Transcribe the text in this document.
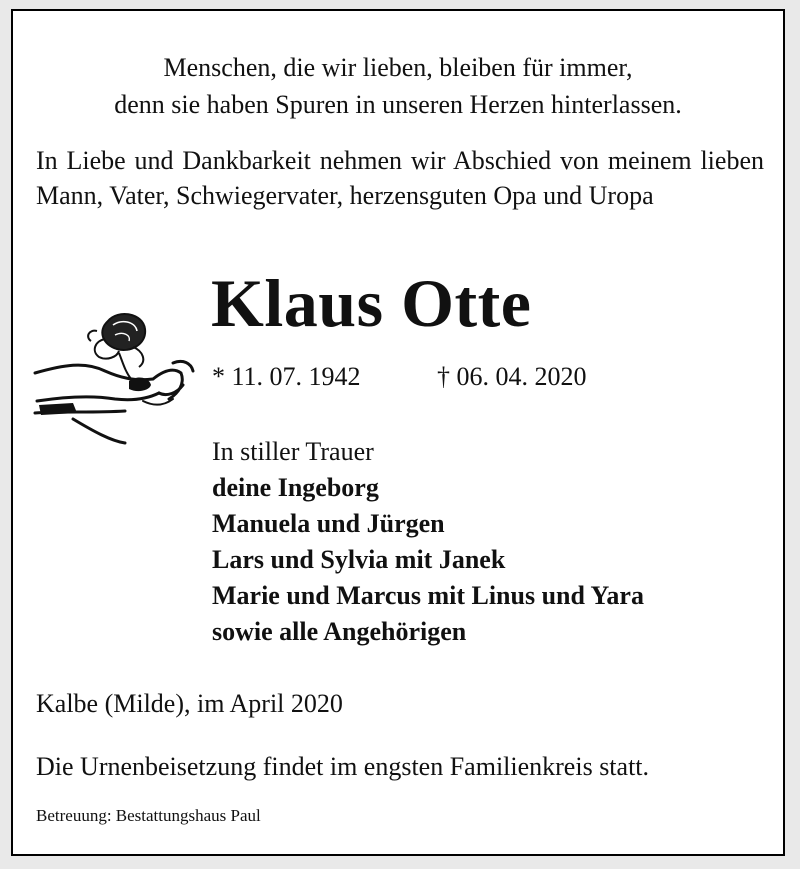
Menschen, die wir lieben, bleiben für immer,
denn sie haben Spuren in unseren Herzen hinterlassen.
In Liebe und Dankbarkeit nehmen wir Abschied von meinem lieben Mann, Vater, Schwiegervater, herzensguten Opa und Uropa
Klaus Otte
* 11. 07. 1942	† 06. 04. 2020
In stiller Trauer
deine Ingeborg
Manuela und Jürgen
Lars und Sylvia mit Janek
Marie und Marcus mit Linus und Yara
sowie alle Angehörigen
Kalbe (Milde), im April 2020
Die Urnenbeisetzung findet im engsten Familienkreis statt.
Betreuung: Bestattungshaus Paul
